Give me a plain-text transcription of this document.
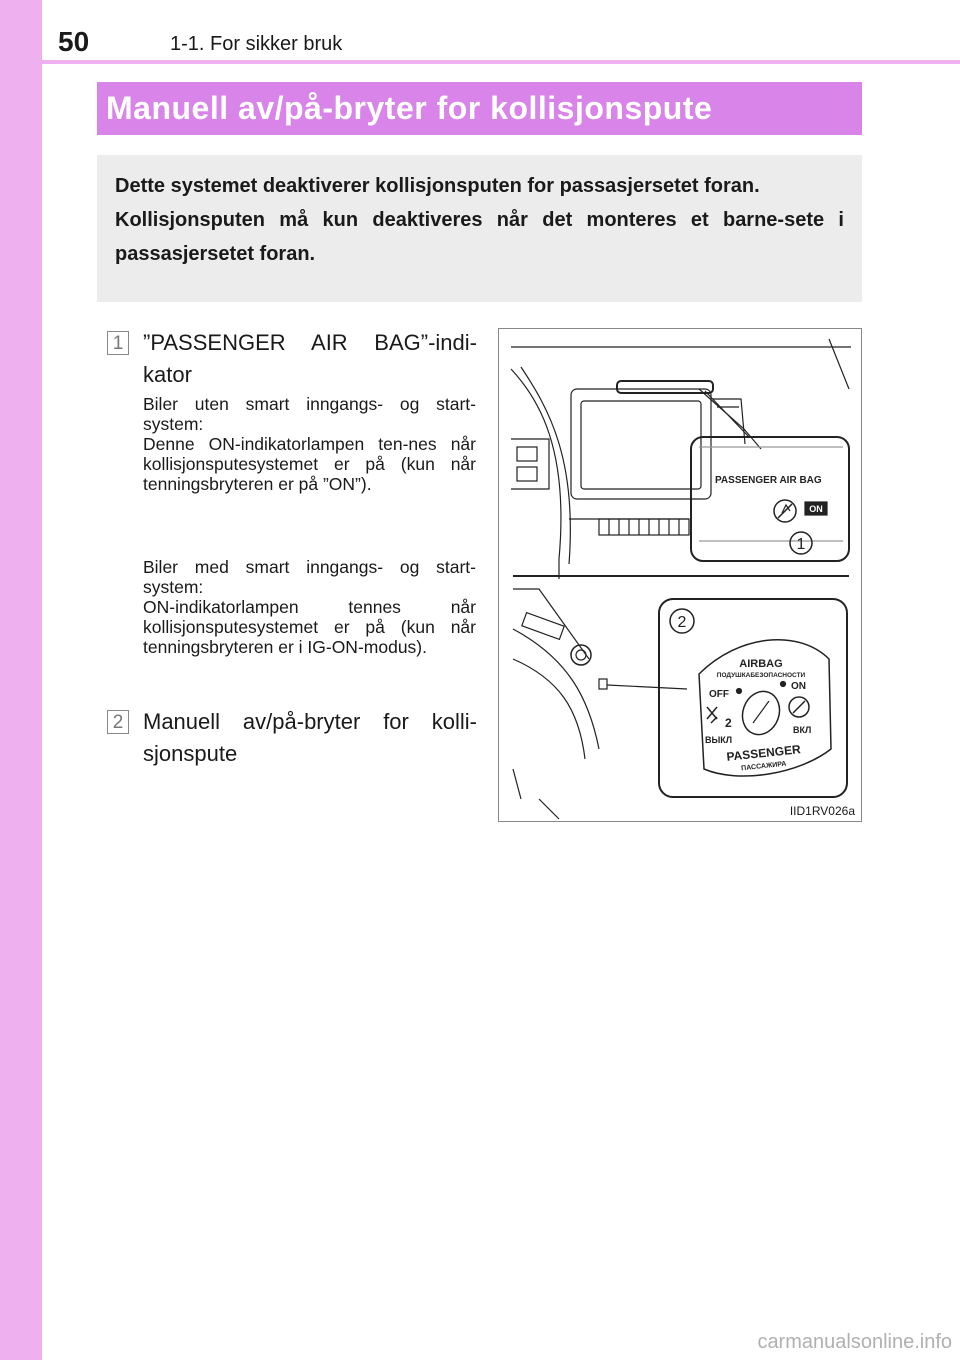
50	1-1. For sikker bruk
Manuell av/på-bryter for kollisjonspute

Dette systemet deaktiverer kollisjonsputen for passasjersetet foran.

Kollisjonsputen må kun deaktiveres når det monteres et barne-sete i passasjersetet foran.

1 ”PASSENGER AIR BAG”-indi-kator
Biler uten smart inngangs- og start-system:
Denne ON-indikatorlampen ten-nes når kollisjonsputesystemet er på (kun når tenningsbryteren er på ”ON”).
Biler med smart inngangs- og start-system:
ON-indikatorlampen tennes når kollisjonsputesystemet er på (kun når tenningsbryteren er i IG-ON-modus).
2 Manuell av/på-bryter for kolli-sjonspute
PASSENGER AIR BAG
ON
1
2
AIRBAG
ПОДУШКАБЕЗОПАСНОСТИ
OFF
ON
2
ВЫКЛ
ВКЛ
PASSENGER
ПАССАЖИРА
IID1RV026a
carmanualsonline.info
